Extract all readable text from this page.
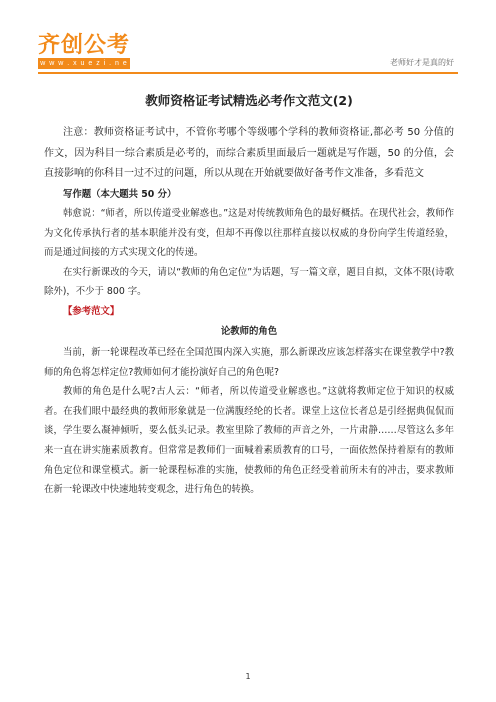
齐创公考
w w w . x u e z i . n e t
老师好才是真的好
教师资格证考试精选必考作文范文(2)

注意：教师资格证考试中，不管你考哪个等级哪个学科的教师资格证,都必考 50 分值的作文，因为科目一综合素质是必考的，而综合素质里面最后一题就是写作题，50 的分值，会直接影响的你科目一过不过的问题，所以从现在开始就要做好备考作文准备，多看范文

写作题（本大题共 50 分）

韩愈说：“师者，所以传道受业解惑也。”这是对传统教师角色的最好概括。在现代社会，教师作为文化传承执行者的基本职能并没有变，但却不再像以往那样直接以权威的身份向学生传道经验，而是通过间接的方式实现文化的传递。

在实行新课改的今天，请以“教师的角色定位”为话题，写一篇文章，题目自拟，文体不限(诗歌除外)，不少于 800 字。

【参考范文】

论教师的角色

当前，新一轮课程改革已经在全国范围内深入实施，那么新课改应该怎样落实在课堂教学中?教师的角色将怎样定位?教师如何才能扮演好自己的角色呢?

教师的角色是什么呢?古人云：“师者，所以传道受业解惑也。”这就将教师定位于知识的权威者。在我们眼中最经典的教师形象就是一位满腹经纶的长者。课堂上这位长者总是引经据典侃侃而谈，学生要么凝神倾听，要么低头记录。教室里除了教师的声音之外，一片肃静……尽管这么多年来一直在讲实施素质教育。但常常是教师们一面喊着素质教育的口号，一面依然保持着原有的教师角色定位和课堂模式。新一轮课程标准的实施，使教师的角色正经受着前所未有的冲击，要求教师在新一轮课改中快速地转变观念，进行角色的转换。

1
